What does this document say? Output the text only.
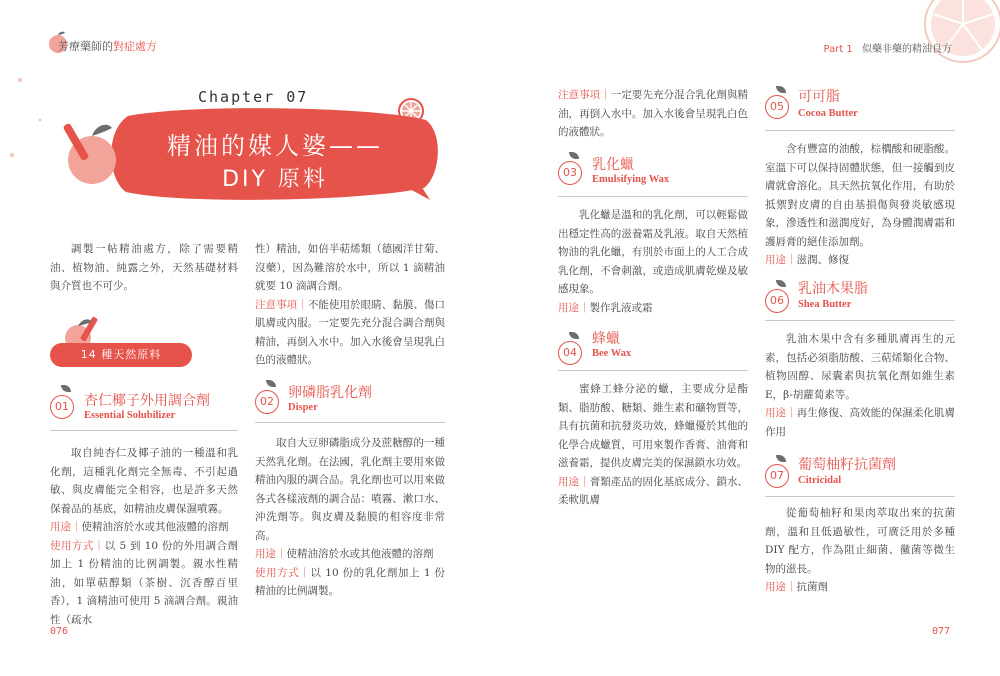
芳療藥師的對症處方	Part 1 似藥非藥的精油良方
Chapter 07
精油的媒人婆——
DIY 原料

調製一帖精油處方，除了需要精油、植物油、純露之外，天然基礎材料與介質也不可少。

14 種天然原料
01	杏仁椰子外用調合劑
Essential Solubilizer

取自純杏仁及椰子油的一種溫和乳化劑，這種乳化劑完全無毒、不引起過敏、與皮膚能完全相容，也是許多天然保養品的基底，如精油皮膚保濕噴霧。

用途｜使精油溶於水或其他液體的溶劑
使用方式｜以 5 到 10 份的外用調合劑加上 1 份精油的比例調製。親水性精油，如單萜醇類（茶樹、沉香醇百里香），1 滴精油可使用 5 滴調合劑。親油性（疏水
性）精油，如倍半萜烯類（德國洋甘菊、沒藥），因為難溶於水中，所以 1 滴精油就要 10 滴調合劑。
注意事項｜不能使用於眼睛、黏膜、傷口肌膚或內服。一定要先充分混合調合劑與精油，再倒入水中。加入水後會呈現乳白色的液體狀。
02
卵磷脂乳化劑
Disper

取自大豆卵磷脂成分及蔗糖醇的一種天然乳化劑。在法國，乳化劑主要用來做精油內服的調合品。乳化劑也可以用來做各式各樣液劑的調合品：噴霧、漱口水、沖洗劑等。與皮膚及黏膜的相容度非常高。

用途｜使精油溶於水或其他液體的溶劑
使用方式｜以 10 份的乳化劑加上 1 份精油的比例調製。
注意事項｜一定要先充分混合乳化劑與精油，再倒入水中。加入水後會呈現乳白色的液體狀。
03	乳化蠟
Emulsifying Wax

乳化蠟是溫和的乳化劑，可以輕鬆做出穩定性高的滋養霜及乳液。取自天然植物油的乳化蠟，有別於市面上的人工合成乳化劑，不會刺激，或造成肌膚乾燥及敏感現象。

用途｜製作乳液或霜
04
蜂蠟
Bee Wax

蜜蜂工蜂分泌的蠟，主要成分是酯類、脂肪酸、糖類、維生素和礦物質等，具有抗菌和抗發炎功效，蜂蠟優於其他的化學合成蠟質，可用來製作香膏、油膏和滋養霜，提供皮膚完美的保濕鎖水功效。

用途｜膏類產品的固化基底成分、鎖水、柔軟肌膚
05
可可脂
Cocoa Butter

含有豐富的油酸，棕櫚酸和硬脂酸。室溫下可以保持固體狀態，但一接觸到皮膚就會溶化。具天然抗氧化作用，有助於抵禦對皮膚的自由基損傷與發炎敏感現象，滲透性和滋潤度好，為身體潤膚霜和護唇膏的絕佳添加劑。

用途｜滋潤、修復
06
乳油木果脂
Shea Butter

乳油木果中含有多種肌膚再生的元素，包括必須脂肪酸、三萜烯類化合物、植物固醇、尿囊素與抗氧化劑如維生素 E，β-胡蘿蔔素等。

用途｜再生修復、高效能的保濕柔化肌膚作用
07
葡萄柚籽抗菌劑
Citricidal

從葡萄柚籽和果肉萃取出來的抗菌劑，溫和且低過敏性，可廣泛用於多種 DIY 配方，作為阻止細菌、黴菌等微生物的滋長。

用途｜抗菌劑
076	077
